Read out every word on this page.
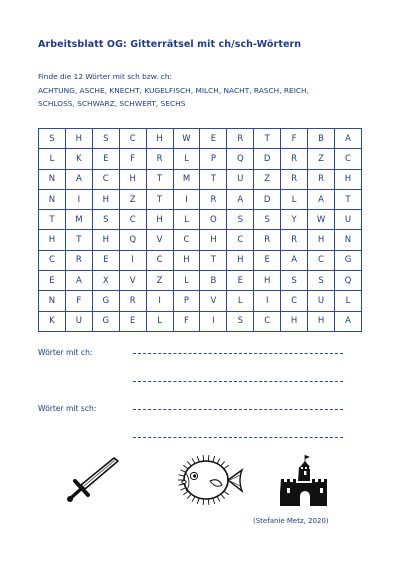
Arbeitsblatt OG: Gitterrätsel mit ch/sch-Wörtern
Finde die 12 Wörter mit sch bzw. ch:
ACHTUNG, ASCHE, KNECHT, KUGELFISCH, MILCH, NACHT, RASCH, REICH,
SCHLOSS, SCHWARZ, SCHWERT, SECHS
S	H	S	C	H	W	E	R	T	F	B	A
L	K	E	F	R	L	P	Q	D	R	Z	C
N	A	C	H	T	M	T	U	Z	R	R	H
N	I	H	Z	T	I	R	A	D	L	A	T
T	M	S	C	H	L	O	S	S	Y	W	U
H	T	H	Q	V	C	H	C	R	R	H	N
C	R	E	I	C	H	T	H	E	A	C	G
E	A	X	V	Z	L	B	E	H	S	S	Q
N	F	G	R	I	P	V	L	I	C	U	L
K	U	G	E	L	F	I	S	C	H	H	A
Wörter mit ch:
Wörter mit sch:
(Stefanie Metz, 2020)
